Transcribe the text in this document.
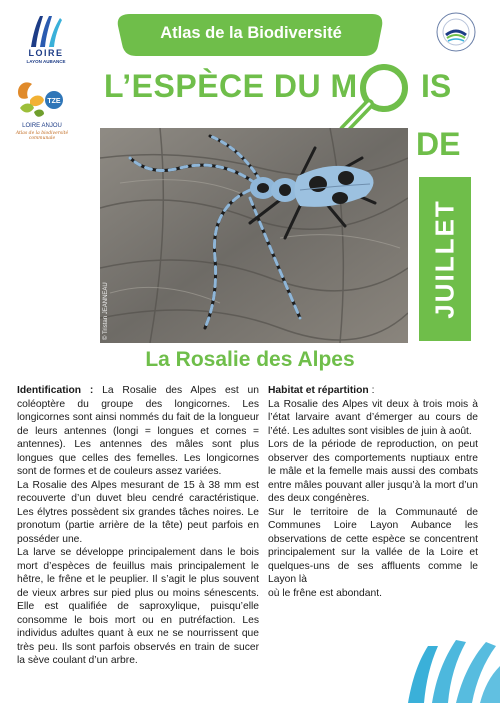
LOIRE
LAYON AUBANCE
TZE
LOIRE ANJOU
Atlas de la biodiversité communale
Atlas de la Biodiversité
L’ESPÈCE DU M	IS
DE
© Tristan JEANNEAU	JUILLET
La Rosalie des Alpes

Identification : La Rosalie des Alpes est un coléoptère du groupe des longicornes. Les longicornes sont ainsi nommés du fait de la longueur de leurs antennes (longi = longues et cornes = antennes). Les antennes des mâles sont plus longues que celles des femelles. Les longicornes sont de formes et de couleurs assez variées.

La Rosalie des Alpes mesurant de 15 à 38 mm est recouverte d’un duvet bleu cendré caractéristique. Les élytres possèdent six grandes tâches noires. Le pronotum (partie arrière de la tête) peut parfois en posséder une.

La larve se développe principalement dans le bois mort d’espèces de feuillus mais principalement le hêtre, le frêne et le peuplier. Il s’agit le plus souvent de vieux arbres sur pied plus ou moins sénescents. Elle est qualifiée de saproxylique, puisqu’elle consomme le bois mort ou en putréfaction. Les individus adultes quant à eux ne se nourrissent que très peu. Ils sont parfois observés en train de sucer la sève coulant d’un arbre.

Habitat et répartition :

La Rosalie des Alpes vit deux à trois mois à l’état larvaire avant d’émerger au cours de l’été. Les adultes sont visibles de juin à août.

Lors de la période de reproduction, on peut observer des comportements nuptiaux entre le mâle et la femelle mais aussi des combats entre mâles pouvant aller jusqu’à la mort d’un des deux congénères.

Sur le territoire de la Communauté de Communes Loire Layon Aubance les observations de cette espèce se concentrent principalement sur la vallée de la Loire et quelques-uns de ses affluents comme le Layon là

où le frêne est abondant.
